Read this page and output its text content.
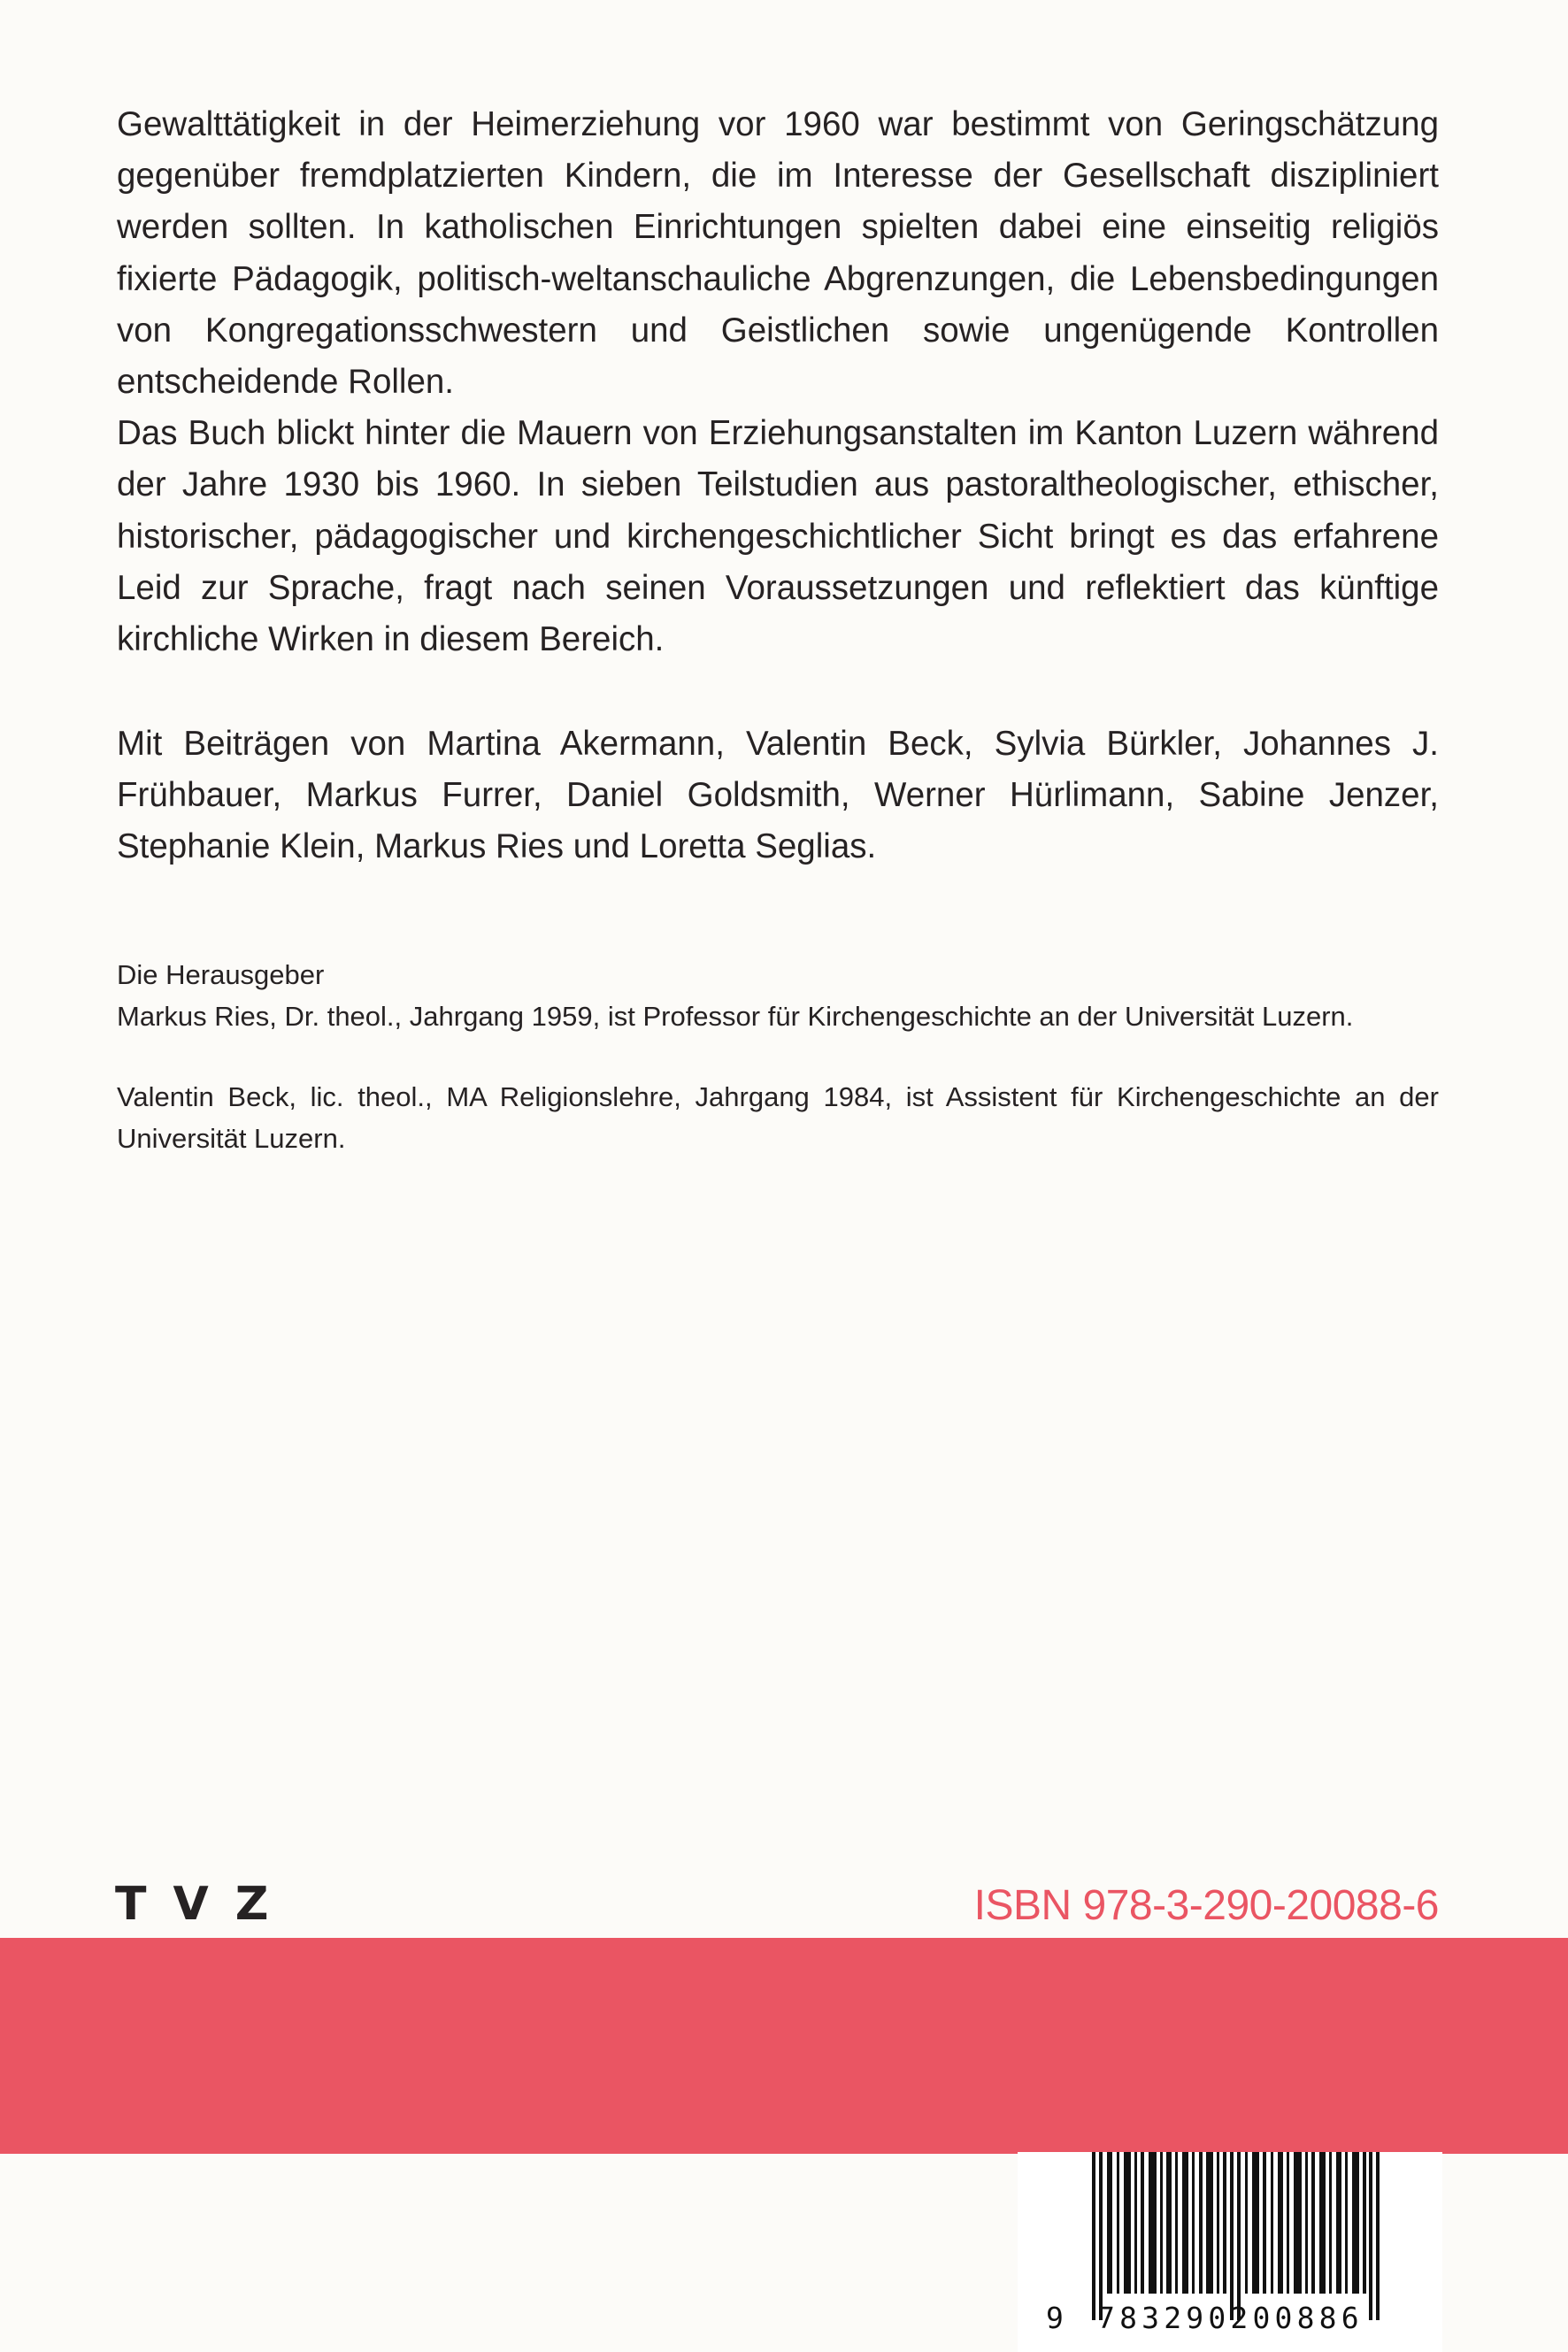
Gewalttätigkeit in der Heimerziehung vor 1960 war bestimmt von Geringschätzung gegenüber fremdplatzierten Kindern, die im Interesse der Gesellschaft diszipliniert werden sollten. In katholischen Einrichtungen spielten dabei eine einseitig religiös fixierte Pädagogik, politisch-weltanschauliche Abgrenzungen, die Lebensbedingungen von Kongregationsschwestern und Geistlichen sowie ungenügende Kontrollen entscheidende Rollen.

Das Buch blickt hinter die Mauern von Erziehungsanstalten im Kanton Luzern während der Jahre 1930 bis 1960. In sieben Teilstudien aus pastoraltheologischer, ethischer, historischer, pädagogischer und kirchengeschichtlicher Sicht bringt es das erfahrene Leid zur Sprache, fragt nach seinen Voraussetzungen und reflektiert das künftige kirchliche Wirken in diesem Bereich.

Mit Beiträgen von Martina Akermann, Valentin Beck, Sylvia Bürkler, Johannes J. Frühbauer, Markus Furrer, Daniel Goldsmith, Werner Hürlimann, Sabine Jenzer, Stephanie Klein, Markus Ries und Loretta Seglias.

Die Herausgeber

Markus Ries, Dr. theol., Jahrgang 1959, ist Professor für Kirchengeschichte an der Universität Luzern.

Valentin Beck, lic. theol., MA Religionslehre, Jahrgang 1984, ist Assistent für Kirchengeschichte an der Universität Luzern.

TVZ	ISBN 978-3-290-20088-6
9 783290200886
